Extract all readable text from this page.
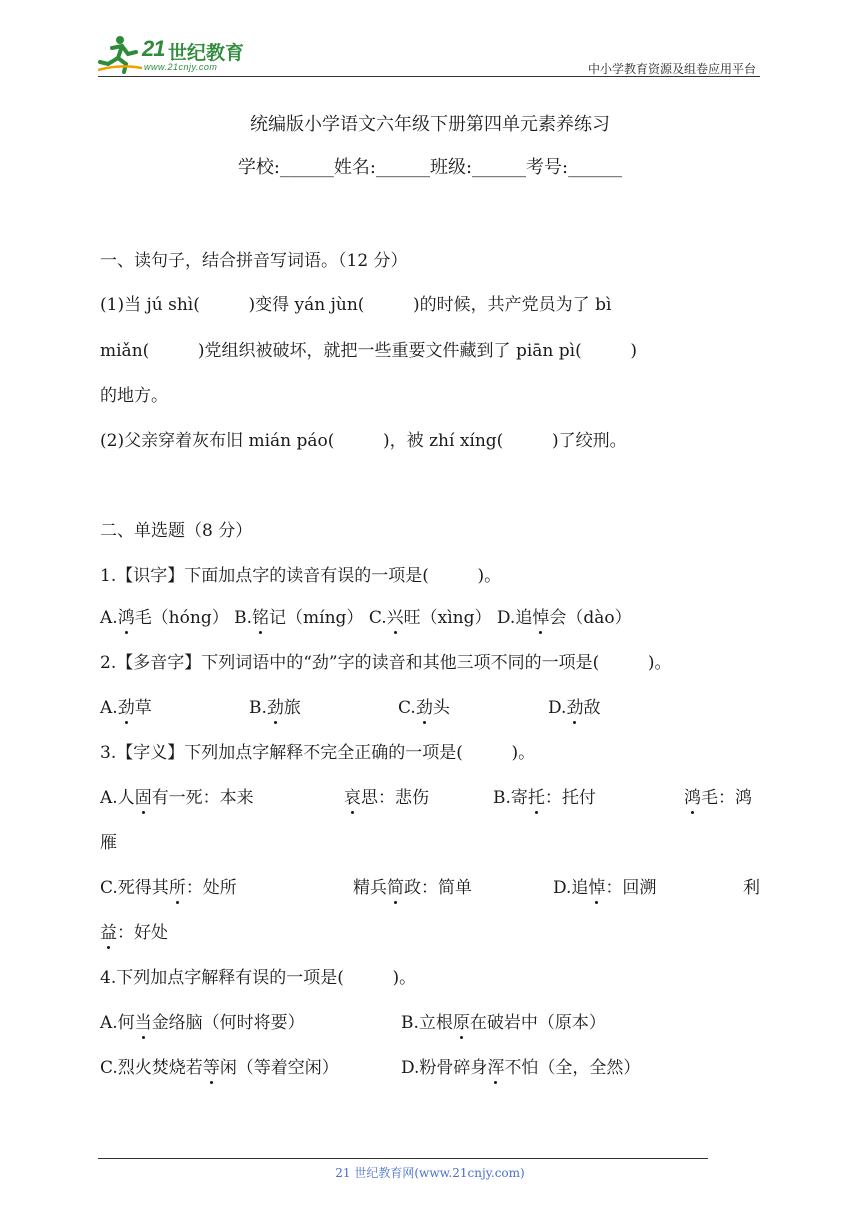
21 世纪教育
www.21cnjy.com	中小学教育资源及组卷应用平台
统编版小学语文六年级下册第四单元素养练习
学校:______姓名:______班级:______考号:______
一、读句子，结合拼音写词语。（12 分）
(1)当 jú shì(         )变得 yán jùn(         )的时候，共产党员为了 bì
miǎn(         )党组织被破坏，就把一些重要文件藏到了 piān pì(         )
的地方。
(2)父亲穿着灰布旧 mián páo(         )，被 zhí xíng(         )了绞刑。
二、单选题（8 分）
1.【识字】下面加点字的读音有误的一项是(         )。
A.鸿毛（hóng） B.铭记（míng） C.兴旺（xìng） D.追悼会（dào）
2.【多音字】下列词语中的“劲”字的读音和其他三项不同的一项是(         )。
A.劲草	B.劲旅	C.劲头	D.劲敌
3.【字义】下列加点字解释不完全正确的一项是(         )。
A.人固有一死：本来	哀思：悲伤	B.寄托：托付	鸿毛：鸿
雁
C.死得其所：处所	精兵简政：简单	D.追悼：回溯	利
益：好处
4.下列加点字解释有误的一项是(         )。
A.何当金络脑（何时将要）	B.立根原在破岩中（原本）
C.烈火焚烧若等闲（等着空闲）	D.粉骨碎身浑不怕（全，全然）
21 世纪教育网(www.21cnjy.com)
